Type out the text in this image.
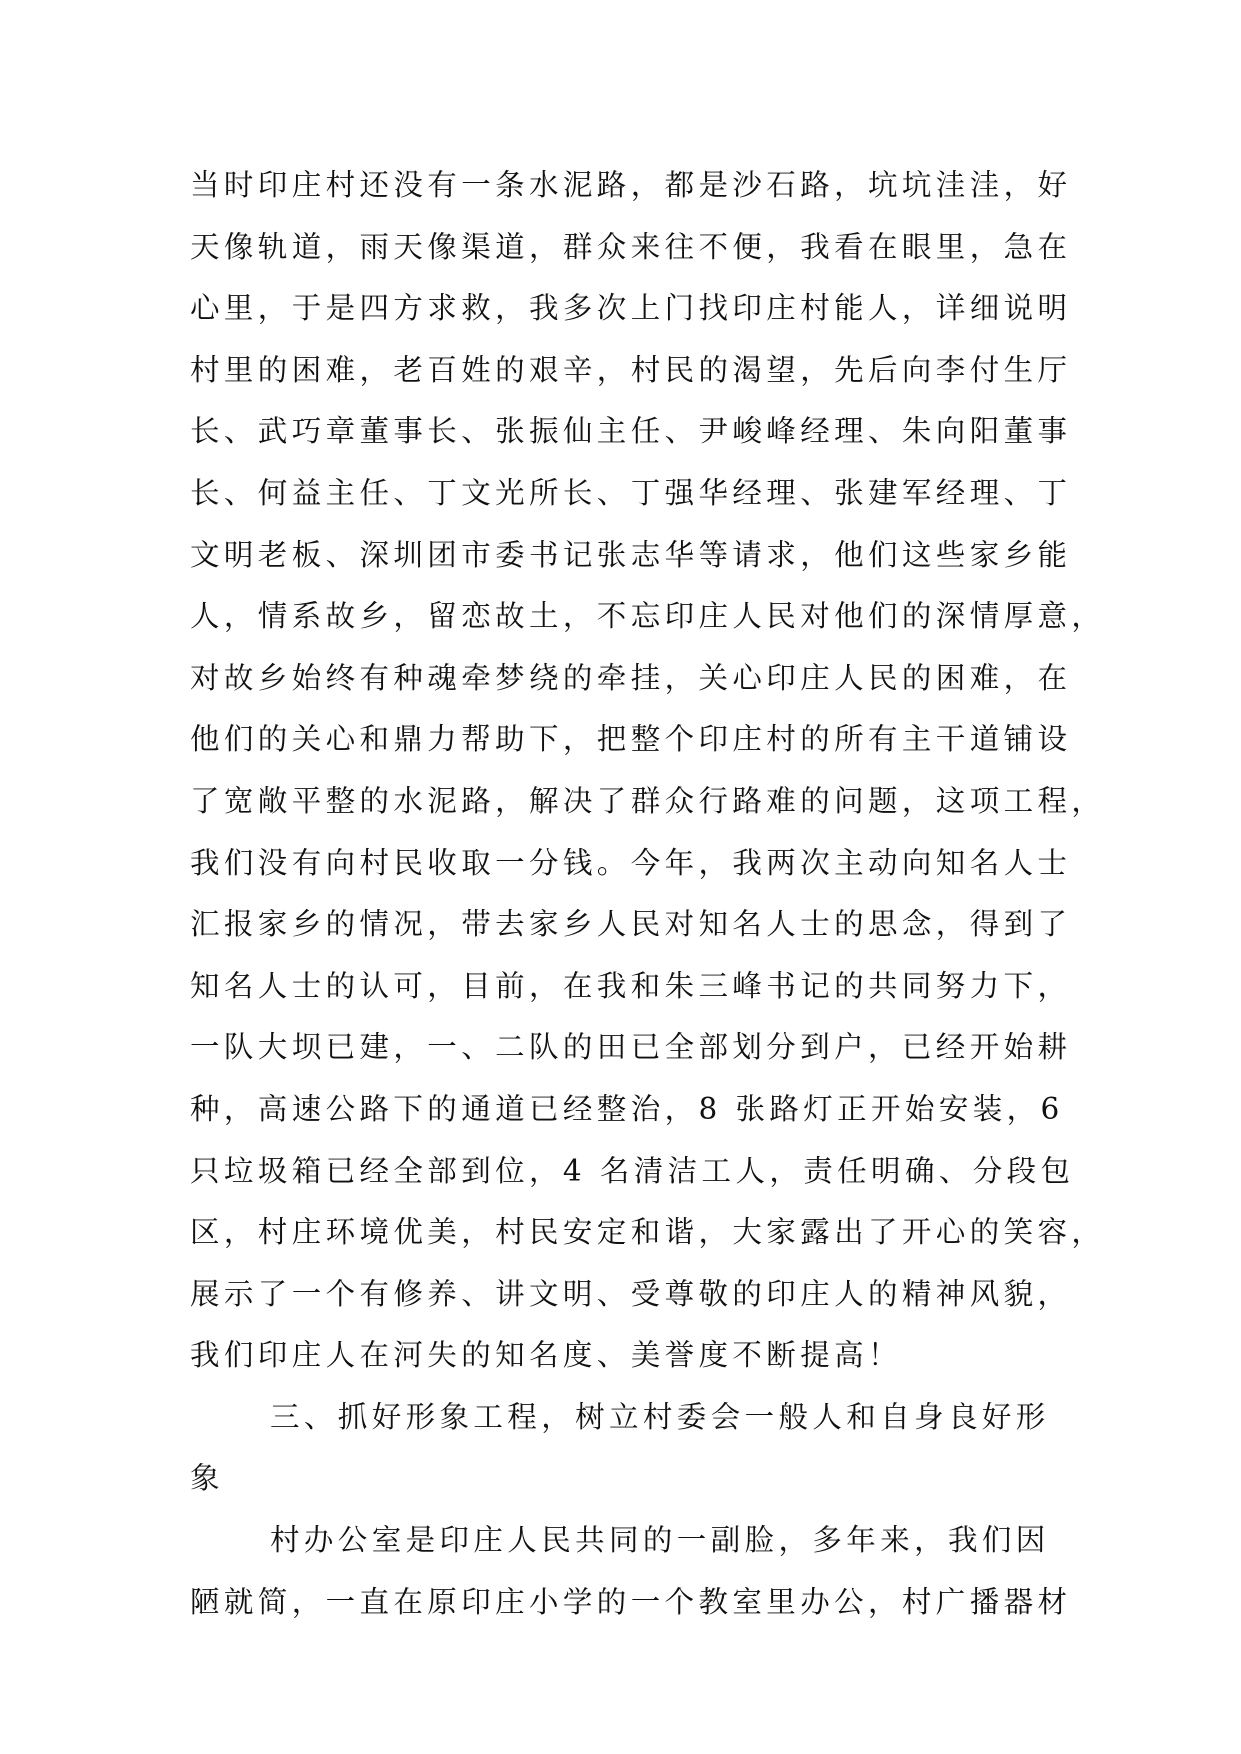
当时印庄村还没有一条水泥路，都是沙石路，坑坑洼洼，好
天像轨道，雨天像渠道，群众来往不便，我看在眼里，急在
心里，于是四方求救，我多次上门找印庄村能人，详细说明
村里的困难，老百姓的艰辛，村民的渴望，先后向李付生厅
长、武巧章董事长、张振仙主任、尹峻峰经理、朱向阳董事
长、何益主任、丁文光所长、丁强华经理、张建军经理、丁
文明老板、深圳团市委书记张志华等请求，他们这些家乡能
人，情系故乡，留恋故土，不忘印庄人民对他们的深情厚意，
对故乡始终有种魂牵梦绕的牵挂，关心印庄人民的困难，在
他们的关心和鼎力帮助下，把整个印庄村的所有主干道铺设
了宽敞平整的水泥路，解决了群众行路难的问题，这项工程，
我们没有向村民收取一分钱。今年，我两次主动向知名人士
汇报家乡的情况，带去家乡人民对知名人士的思念，得到了
知名人士的认可，目前，在我和朱三峰书记的共同努力下，
一队大坝已建，一、二队的田已全部划分到户，已经开始耕
种，高速公路下的通道已经整治，8 张路灯正开始安装，6
只垃圾箱已经全部到位，4 名清洁工人，责任明确、分段包
区，村庄环境优美，村民安定和谐，大家露出了开心的笑容，
展示了一个有修养、讲文明、受尊敬的印庄人的精神风貌，
我们印庄人在河失的知名度、美誉度不断提高！
三、抓好形象工程，树立村委会一般人和自身良好形
象
村办公室是印庄人民共同的一副脸，多年来，我们因
陋就简，一直在原印庄小学的一个教室里办公，村广播器材
